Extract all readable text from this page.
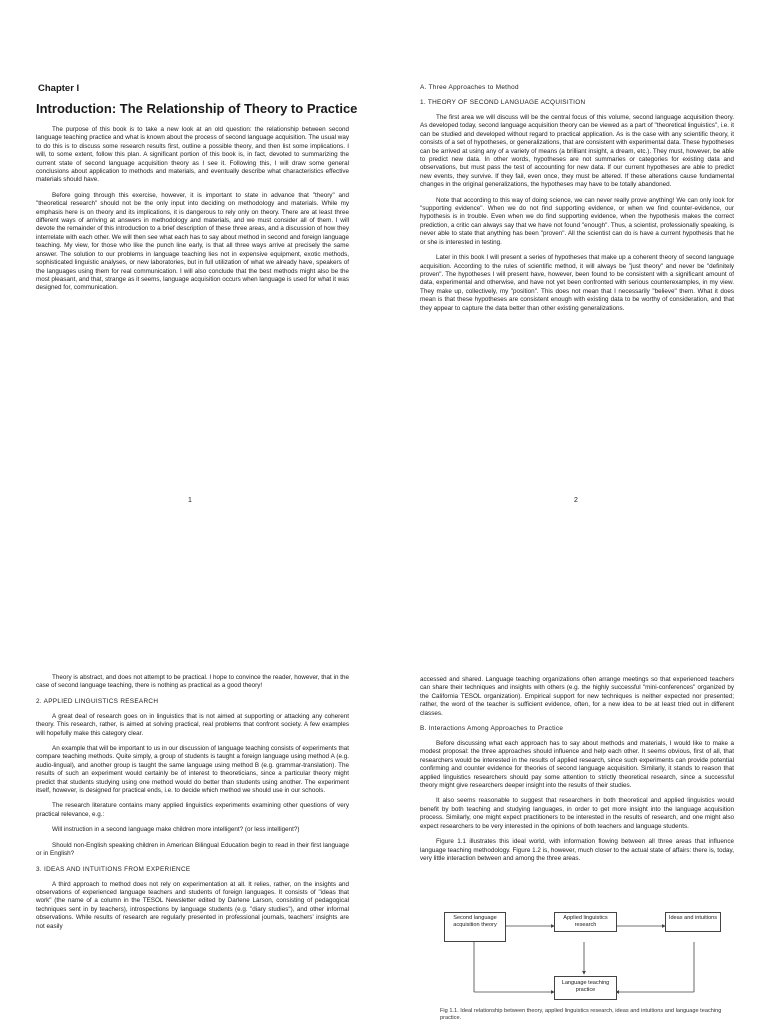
Chapter I
Introduction: The Relationship of Theory to Practice

The purpose of this book is to take a new look at an old question: the relationship between second language teaching practice and what is known about the process of second language acquisition. The usual way to do this is to discuss some research results first, outline a possible theory, and then list some implications. I will, to some extent, follow this plan. A significant portion of this book is, in fact, devoted to summarizing the current state of second language acquisition theory as I see it. Following this, I will draw some general conclusions about application to methods and materials, and eventually describe what characteristics effective materials should have.

Before going through this exercise, however, it is important to state in advance that "theory" and "theoretical research" should not be the only input into deciding on methodology and materials. While my emphasis here is on theory and its implications, it is dangerous to rely only on theory. There are at least three different ways of arriving at answers in methodology and materials, and we must consider all of them. I will devote the remainder of this introduction to a brief description of these three areas, and a discussion of how they interrelate with each other. We will then see what each has to say about method in second and foreign language teaching. My view, for those who like the punch line early, is that all three ways arrive at precisely the same answer. The solution to our problems in language teaching lies not in expensive equipment, exotic methods, sophisticated linguistic analyses, or new laboratories, but in full utilization of what we already have, speakers of the languages using them for real communication. I will also conclude that the best methods might also be the most pleasant, and that, strange as it seems, language acquisition occurs when language is used for what it was designed for, communication.

1
A. Three Approaches to Method
1. THEORY OF SECOND LANGUAGE ACQUISITION

The first area we will discuss will be the central focus of this volume, second language acquisition theory. As developed today, second language acquisition theory can be viewed as a part of "theoretical linguistics", i.e. it can be studied and developed without regard to practical application. As is the case with any scientific theory, it consists of a set of hypotheses, or generalizations, that are consistent with experimental data. These hypotheses can be arrived at using any of a variety of means (a brilliant insight, a dream, etc.). They must, however, be able to predict new data. In other words, hypotheses are not summaries or categories for existing data and observations, but must pass the test of accounting for new data. If our current hypotheses are able to predict new events, they survive. If they fail, even once, they must be altered. If these alterations cause fundamental changes in the original generalizations, the hypotheses may have to be totally abandoned.

Note that according to this way of doing science, we can never really prove anything! We can only look for "supporting evidence". When we do not find supporting evidence, or when we find counter-evidence, our hypothesis is in trouble. Even when we do find supporting evidence, when the hypothesis makes the correct prediction, a critic can always say that we have not found "enough". Thus, a scientist, professionally speaking, is never able to state that anything has been "proven". All the scientist can do is have a current hypothesis that he or she is interested in testing.

Later in this book I will present a series of hypotheses that make up a coherent theory of second language acquisition. According to the rules of scientific method, it will always be "just theory" and never be "definitely proven". The hypotheses I will present have, however, been found to be consistent with a significant amount of data, experimental and otherwise, and have not yet been confronted with serious counterexamples, in my view. They make up, collectively, my "position". This does not mean that I necessarily "believe" them. What it does mean is that these hypotheses are consistent enough with existing data to be worthy of consideration, and that they appear to capture the data better than other existing generalizations.

2

Theory is abstract, and does not attempt to be practical. I hope to convince the reader, however, that in the case of second language teaching, there is nothing as practical as a good theory!

2. APPLIED LINGUISTICS RESEARCH

A great deal of research goes on in linguistics that is not aimed at supporting or attacking any coherent theory. This research, rather, is aimed at solving practical, real problems that confront society. A few examples will hopefully make this category clear.

An example that will be important to us in our discussion of language teaching consists of experiments that compare teaching methods. Quite simply, a group of students is taught a foreign language using method A (e.g. audio-lingual), and another group is taught the same language using method B (e.g. grammar-translation). The results of such an experiment would certainly be of interest to theoreticians, since a particular theory might predict that students studying using one method would do better than students using another. The experiment itself, however, is designed for practical ends, i.e. to decide which method we should use in our schools.

The research literature contains many applied linguistics experiments examining other questions of very practical relevance, e.g.:

Will instruction in a second language make children more intelligent? (or less intelligent?)

Should non-English speaking children in American Bilingual Education begin to read in their first language or in English?

3. IDEAS AND INTUITIONS FROM EXPERIENCE

A third approach to method does not rely on experimentation at all. It relies, rather, on the insights and observations of experienced language teachers and students of foreign languages. It consists of "ideas that work" (the name of a column in the TESOL Newsletter edited by Darlene Larson, consisting of pedagogical techniques sent in by teachers), introspections by language students (e.g. "diary studies"), and other informal observations. While results of research are regularly presented in professional journals, teachers' insights are not easily

accessed and shared. Language teaching organizations often arrange meetings so that experienced teachers can share their techniques and insights with others (e.g. the highly successful "mini-conferences" organized by the California TESOL organization). Empirical support for new techniques is neither expected nor presented; rather, the word of the teacher is sufficient evidence, often, for a new idea to be at least tried out in different classes.

B. Interactions Among Approaches to Practice

Before discussing what each approach has to say about methods and materials, I would like to make a modest proposal: the three approaches should influence and help each other. It seems obvious, first of all, that researchers would be interested in the results of applied research, since such experiments can provide potential confirming and counter evidence for theories of second language acquisition. Similarly, it stands to reason that applied linguistics researchers should pay some attention to strictly theoretical research, since a successful theory might give researchers deeper insight into the results of their studies.

It also seems reasonable to suggest that researchers in both theoretical and applied linguistics would benefit by both teaching and studying languages, in order to get more insight into the language acquisition process. Similarly, one might expect practitioners to be interested in the results of research, and one might also expect researchers to be very interested in the opinions of both teachers and language students.

Figure 1.1 illustrates this ideal world, with information flowing between all three areas that influence language teaching methodology. Figure 1.2 is, however, much closer to the actual state of affairs: there is, today, very little interaction between and among the three areas.

Second language acquisition theory
Applied linguistics research
Ideas and intuitions
Language teaching practice
Fig 1.1. Ideal relationship between theory, applied linguistics research, ideas and intuitions and language teaching practice.
